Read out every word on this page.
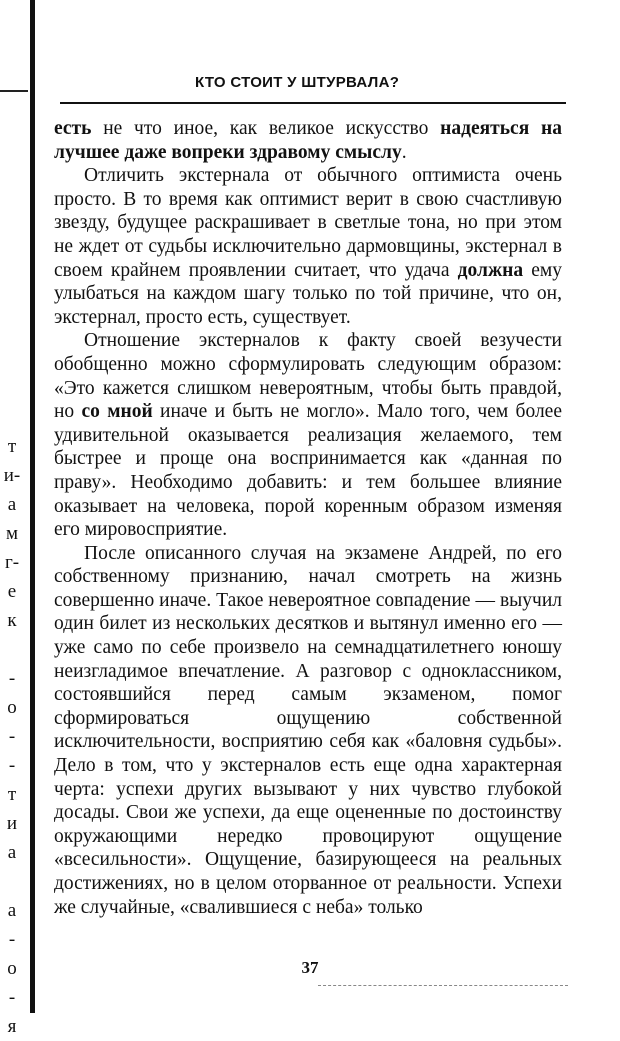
т
и-
а
м
г-
е
к

-
о
-
-
т
и
а

а
-
о
-
я
КТО СТОИТ У ШТУРВАЛА?

есть не что иное, как великое искусство надеяться на лучшее даже вопреки здравому смыслу.

Отличить экстернала от обычного оптимиста очень просто. В то время как оптимист верит в свою счастливую звезду, будущее раскрашивает в светлые тона, но при этом не ждет от судьбы исключительно дармовщины, экстернал в своем крайнем проявлении считает, что удача должна ему улыбаться на каждом шагу только по той причине, что он, экстернал, просто есть, существует.

Отношение экстерналов к факту своей везучести обобщенно можно сформулировать следующим образом: «Это кажется слишком невероятным, чтобы быть правдой, но со мной иначе и быть не могло». Мало того, чем более удивительной оказывается реализация желаемого, тем быстрее и проще она воспринимается как «данная по праву». Необходимо добавить: и тем большее влияние оказывает на человека, порой коренным образом изменяя его мировосприятие.

После описанного случая на экзамене Андрей, по его собственному признанию, начал смотреть на жизнь совершенно иначе. Такое невероятное совпадение — выучил один билет из нескольких десятков и вытянул именно его — уже само по себе произвело на семнадцатилетнего юношу неизгладимое впечатление. А разговор с одноклассником, состоявшийся перед самым экзаменом, помог сформироваться ощущению собственной исключительности, восприятию себя как «баловня судьбы». Дело в том, что у экстерналов есть еще одна характерная черта: успехи других вызывают у них чувство глубокой досады. Свои же успехи, да еще оцененные по достоинству окружающими нередко провоцируют ощущение «всесильности». Ощущение, базирующееся на реальных достижениях, но в целом оторванное от реальности. Успехи же случайные, «свалившиеся с неба» только

37
